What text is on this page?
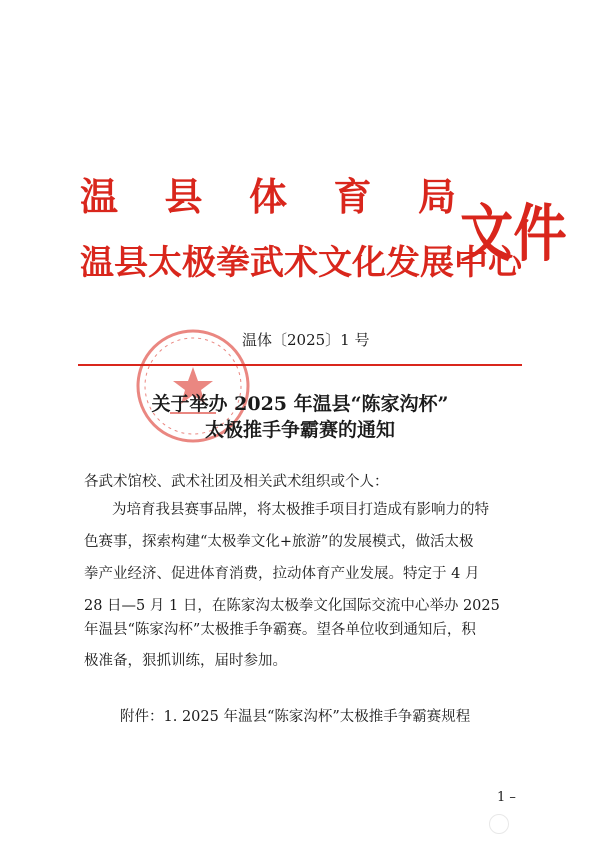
温 县 体 育 局
温县太极拳武术文化发展中心
文件
温体〔2025〕1 号
关于举办 2025 年温县“陈家沟杯”
太极推手争霸赛的通知
各武术馆校、武术社团及相关武术组织或个人：
为培育我县赛事品牌，将太极推手项目打造成有影响力的特
色赛事，探索构建“太极拳文化+旅游”的发展模式，做活太极
拳产业经济、促进体育消费，拉动体育产业发展。特定于 4 月
28 日—5 月 1 日，在陈家沟太极拳文化国际交流中心举办 2025
年温县“陈家沟杯”太极推手争霸赛。望各单位收到通知后，积
极准备，狠抓训练，届时参加。
附件：1. 2025 年温县“陈家沟杯”太极推手争霸赛规程
1 –
